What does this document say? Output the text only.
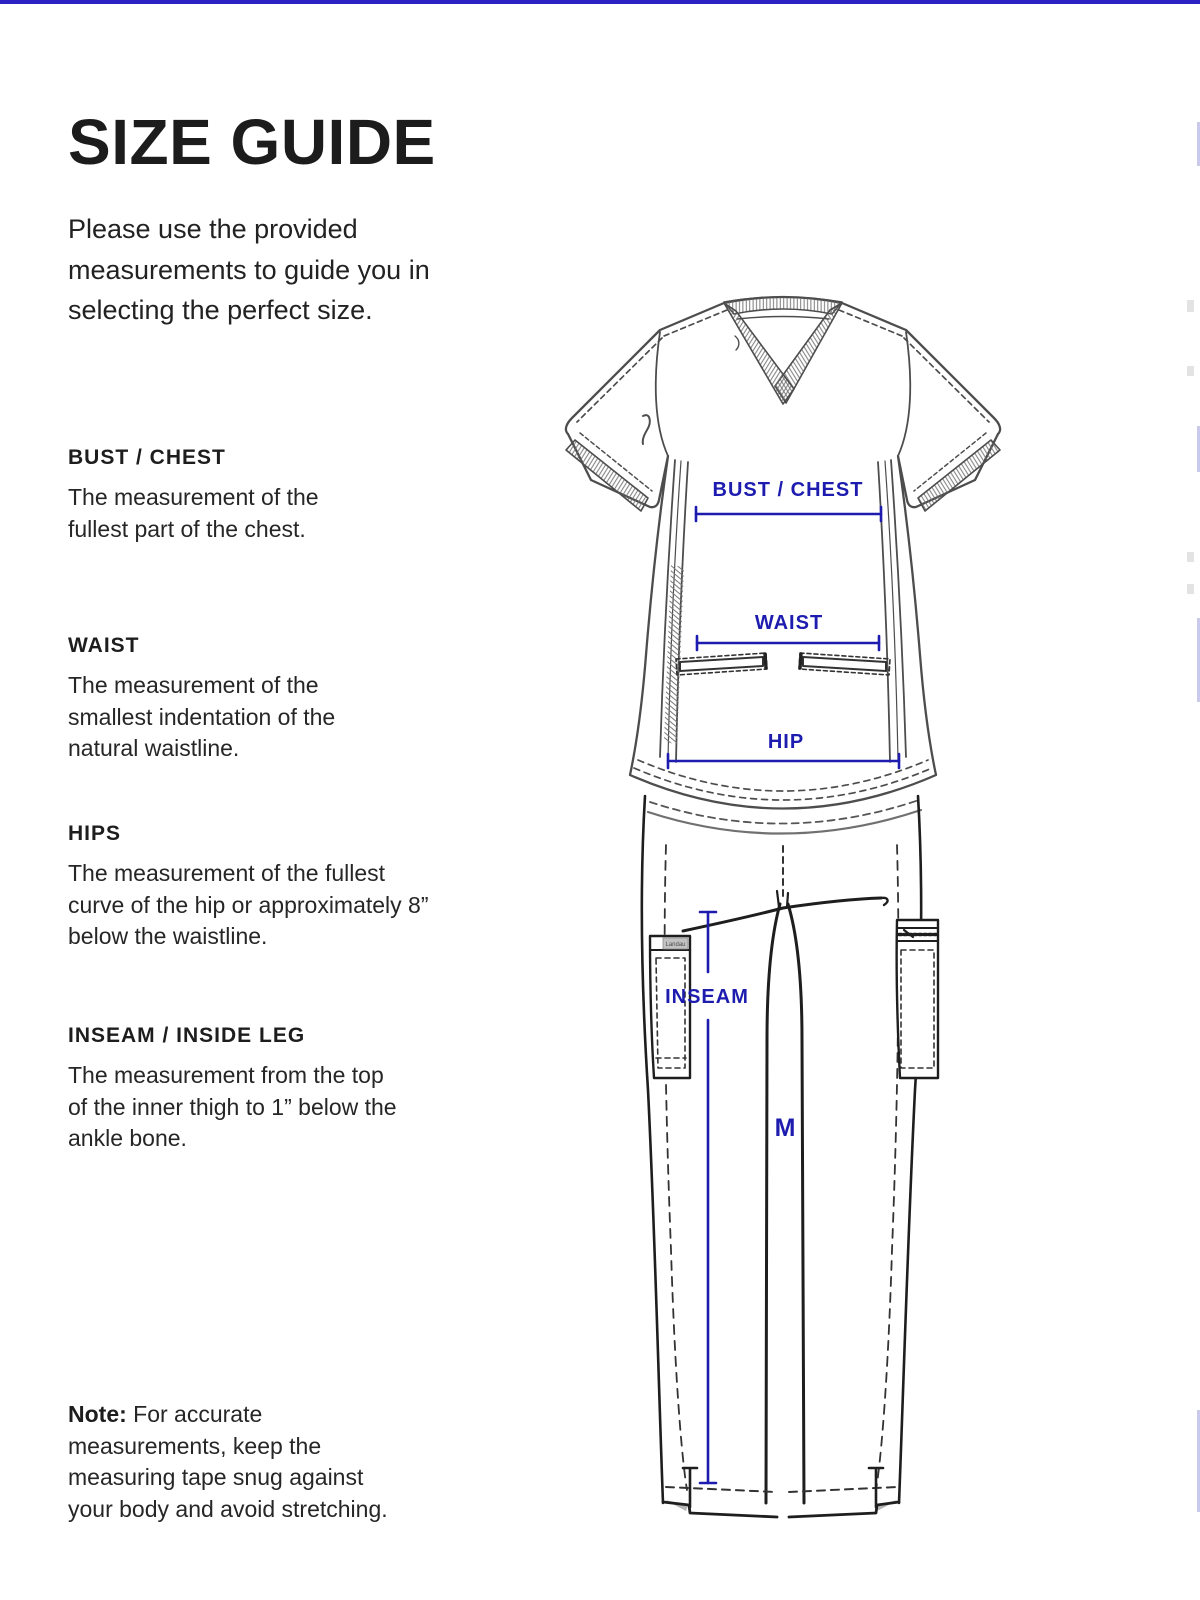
SIZE GUIDE

Please use the provided measurements to guide you in selecting the perfect size.

BUST / CHEST

The measurement of the fullest part of the chest.

WAIST

The measurement of the smallest indentation of the natural waistline.

HIPS

The measurement of the fullest curve of the hip or approximately 8” below the waistline.

INSEAM / INSIDE LEG

The measurement from the top of the inner thigh to 1” below the ankle bone.

Note: For accurate measurements, keep the measuring tape snug against your body and avoid stretching.

BUST / CHEST
WAIST
HIP
INSEAM
M
Landau
